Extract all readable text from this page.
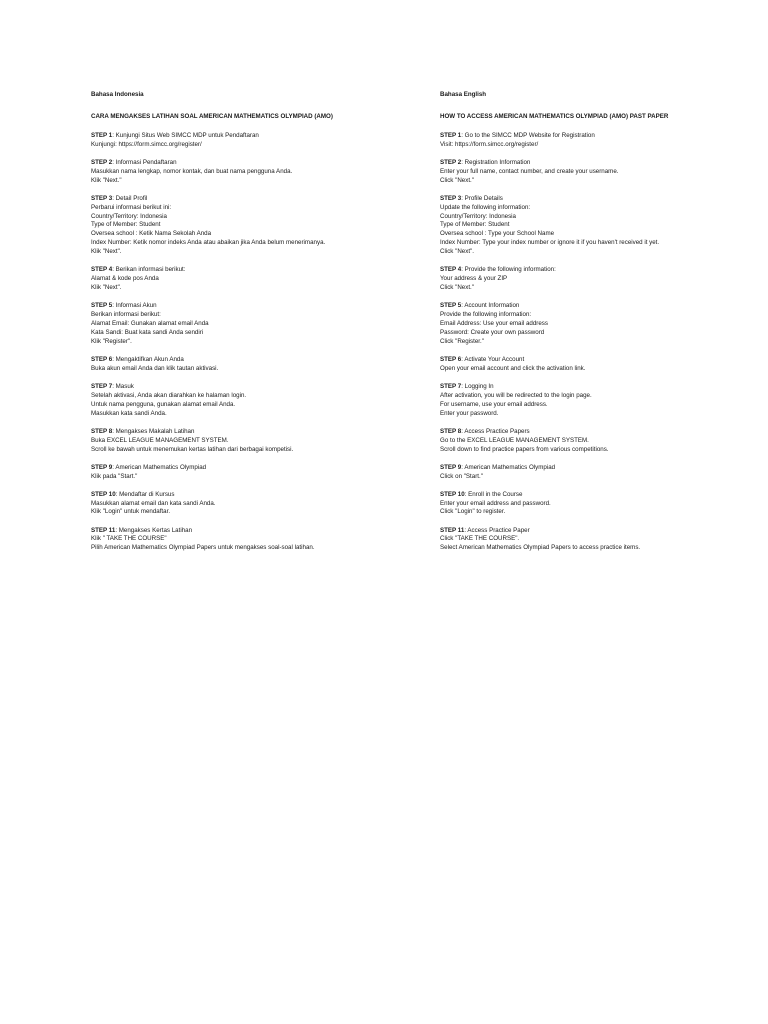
Bahasa Indonesia
CARA MENGAKSES LATIHAN SOAL AMERICAN MATHEMATICS OLYMPIAD (AMO)
STEP 1: Kunjungi Situs Web SIMCC MDP untuk Pendaftaran
Kunjungi: https://form.simcc.org/register/
STEP 2: Informasi Pendaftaran
Masukkan nama lengkap, nomor kontak, dan buat nama pengguna Anda.
Klik "Next."
STEP 3: Detail Profil
Perbarui informasi berikut ini:
Country/Territory: Indonesia
Type of Member: Student
Oversea school : Ketik Nama Sekolah Anda
Index Number: Ketik nomor indeks Anda atau abaikan jika Anda belum menerimanya.
Klik "Next".
STEP 4: Berikan informasi berikut:
Alamat & kode pos Anda
Klik "Next".
STEP 5: Informasi Akun
Berikan informasi berikut:
Alamat Email: Gunakan alamat email Anda
Kata Sandi: Buat kata sandi Anda sendiri
Klik "Register".
STEP 6: Mengaktifkan Akun Anda
Buka akun email Anda dan klik tautan aktivasi.
STEP 7: Masuk
Setelah aktivasi, Anda akan diarahkan ke halaman login.
Untuk nama pengguna, gunakan alamat email Anda.
Masukkan kata sandi Anda.
STEP 8: Mengakses Makalah Latihan
Buka EXCEL LEAGUE MANAGEMENT SYSTEM.
Scroll ke bawah untuk menemukan kertas latihan dari berbagai kompetisi.
STEP 9: American Mathematics Olympiad
Klik pada "Start."
STEP 10: Mendaftar di Kursus
Masukkan alamat email dan kata sandi Anda.
Klik "Login" untuk mendaftar.
STEP 11: Mengakses Kertas Latihan
Klik " TAKE THE COURSE"
Pilih American Mathematics Olympiad Papers untuk mengakses soal-soal latihan.
Bahasa English
HOW TO ACCESS AMERICAN MATHEMATICS OLYMPIAD (AMO) PAST PAPER
STEP 1: Go to the SIMCC MDP Website for Registration
Visit: https://form.simcc.org/register/
STEP 2: Registration Information
Enter your full name, contact number, and create your username.
Click "Next."
STEP 3: Profile Details
Update the following information:
Country/Territory: Indonesia
Type of Member: Student
Oversea school : Type your School Name
Index Number: Type your index number or ignore it if you haven't received it yet.
Click "Next".
STEP 4: Provide the following information:
Your address & your ZIP
Click "Next."
STEP 5: Account Information
Provide the following information:
Email Address: Use your email address
Password: Create your own password
Click "Register."
STEP 6: Activate Your Account
Open your email account and click the activation link.
STEP 7: Logging In
After activation, you will be redirected to the login page.
For username, use your email address.
Enter your password.
STEP 8: Access Practice Papers
Go to the EXCEL LEAGUE MANAGEMENT SYSTEM.
Scroll down to find practice papers from various competitions.
STEP 9: American Mathematics Olympiad
Click on "Start."
STEP 10: Enroll in the Course
Enter your email address and password.
Click "Login" to register.
STEP 11: Access Practice Paper
Click "TAKE THE COURSE".
Select American Mathematics Olympiad Papers to access practice items.
